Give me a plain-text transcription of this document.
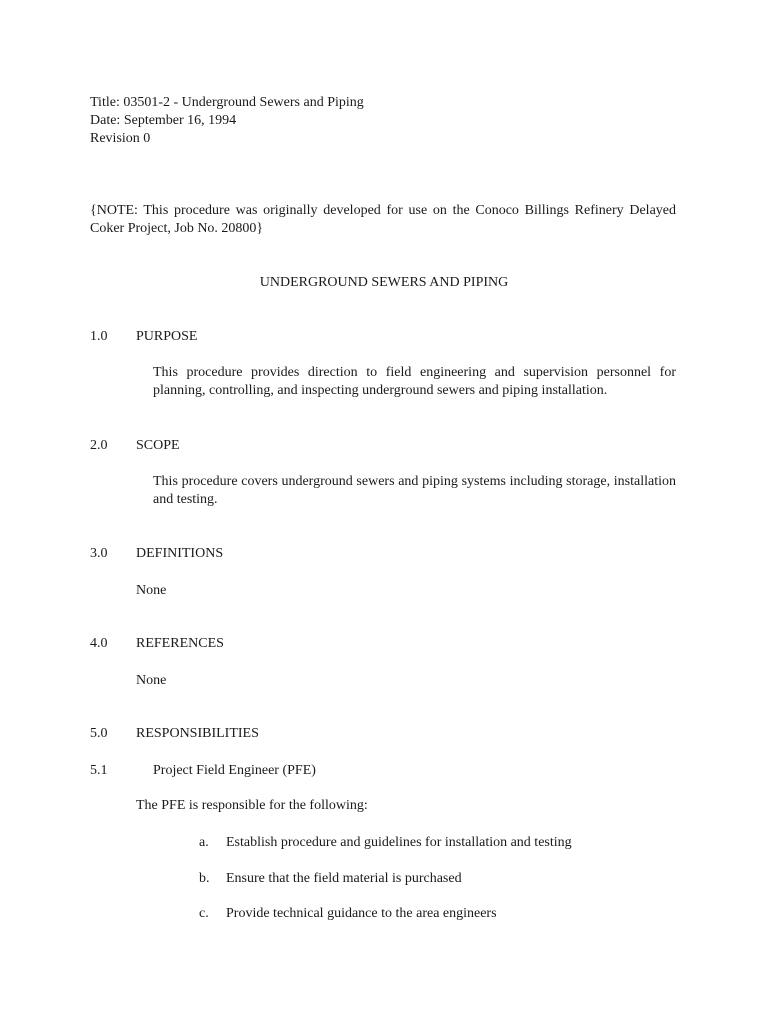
Title: 03501-2 - Underground Sewers and Piping
Date: September 16, 1994
Revision 0
{NOTE: This procedure was originally developed for use on the Conoco Billings Refinery Delayed Coker Project, Job No. 20800}
UNDERGROUND SEWERS AND PIPING
1.0 PURPOSE
This procedure provides direction to field engineering and supervision personnel for planning, controlling, and inspecting underground sewers and piping installation.
2.0 SCOPE
This procedure covers underground sewers and piping systems including storage, installation and testing.
3.0 DEFINITIONS
None
4.0 REFERENCES
None
5.0 RESPONSIBILITIES
5.1	Project Field Engineer (PFE)
The PFE is responsible for the following:
a. Establish procedure and guidelines for installation and testing
b. Ensure that the field material is purchased
c. Provide technical guidance to the area engineers
